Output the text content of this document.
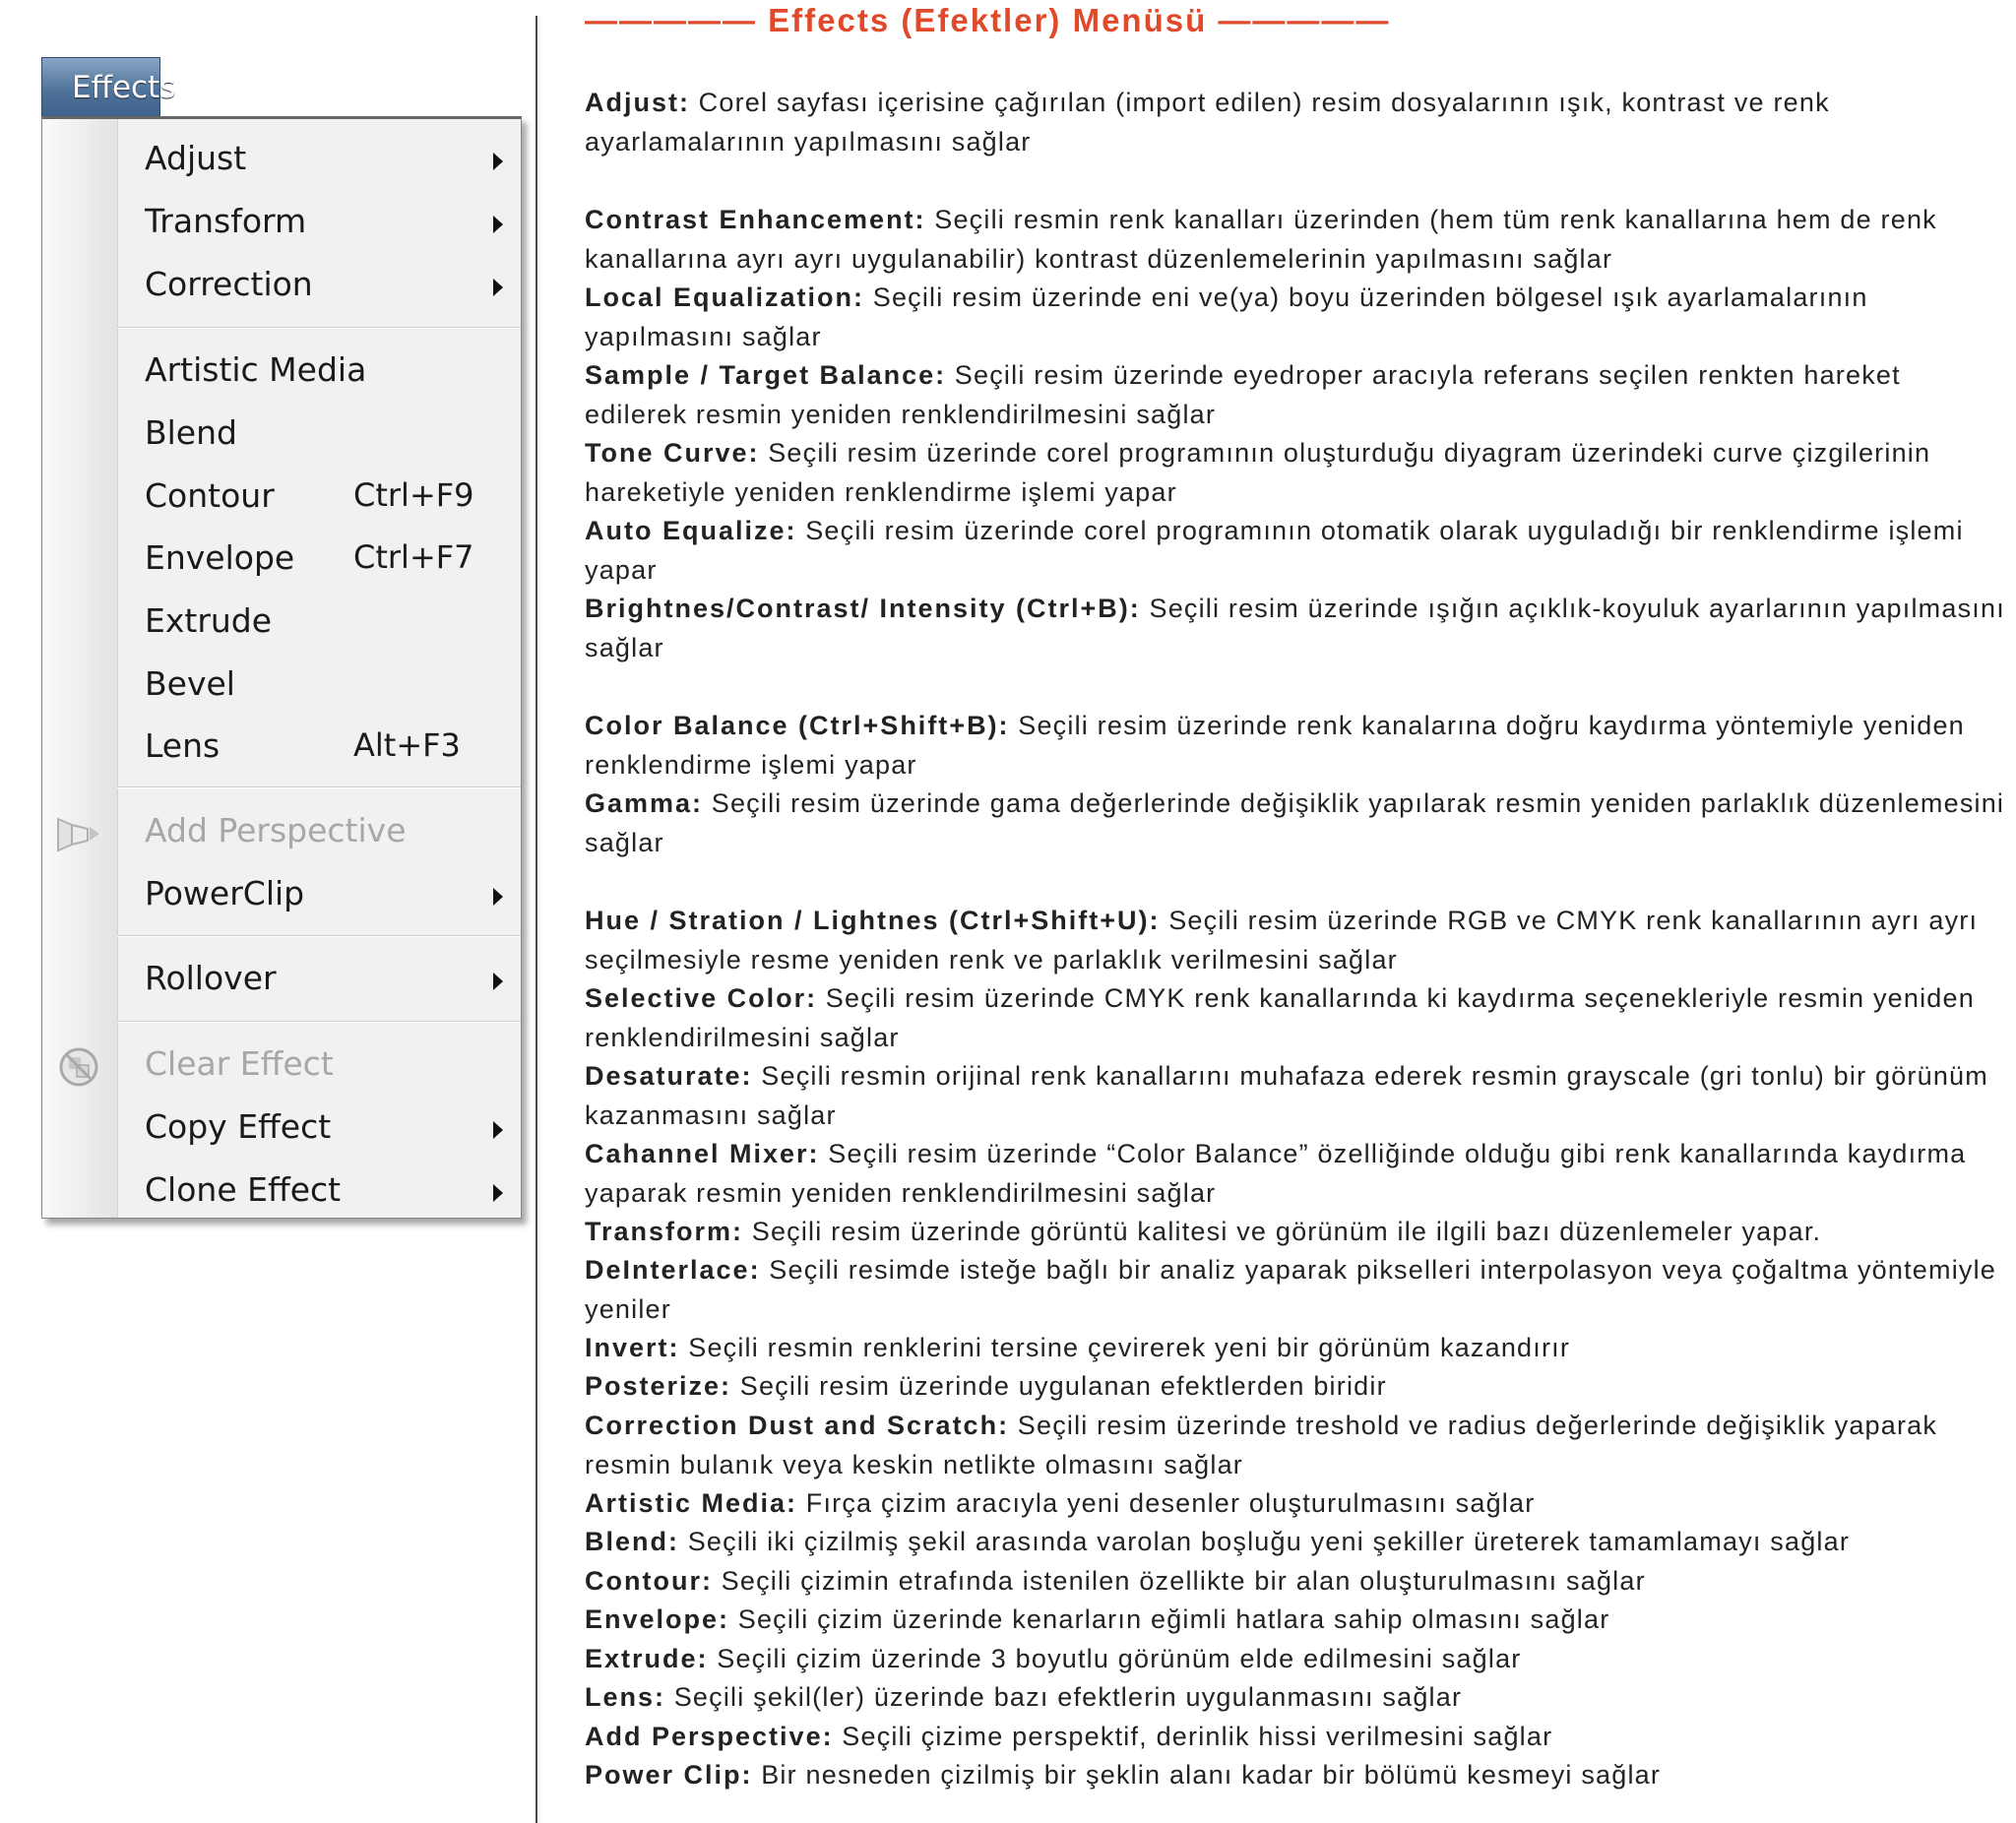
Effects
Adjust
Transform
Correction
Artistic Media
Blend
Contour	Ctrl+F9
Envelope Ctrl+F7
Extrude
Bevel
Lens	Alt+F3
Add Perspective
PowerClip
Rollover
Clear Effect
Copy Effect
Clone Effect
————— Effects (Efektler) Menüsü —————

Adjust: Corel sayfası içerisine çağırılan (import edilen) resim dosyalarının ışık, kontrast ve renk ayarlamalarının yapılmasını sağlar

Contrast Enhancement: Seçili resmin renk kanalları üzerinden (hem tüm renk kanallarına hem de renk kanallarına ayrı ayrı uygulanabilir) kontrast düzenlemelerinin yapılmasını sağlar

Local Equalization: Seçili resim üzerinde eni ve(ya) boyu üzerinden bölgesel ışık ayarlamalarının yapılmasını sağlar

Sample / Target Balance: Seçili resim üzerinde eyedroper aracıyla referans seçilen renkten hareket edilerek resmin yeniden renklendirilmesini sağlar

Tone Curve: Seçili resim üzerinde corel programının oluşturduğu diyagram üzerindeki curve çizgilerinin hareketiyle yeniden renklendirme işlemi yapar

Auto Equalize: Seçili resim üzerinde corel programının otomatik olarak uyguladığı bir renklendirme işlemi yapar

Brightnes/Contrast/ Intensity (Ctrl+B): Seçili resim üzerinde ışığın açıklık-koyuluk ayarlarının yapılmasını sağlar

Color Balance (Ctrl+Shift+B): Seçili resim üzerinde renk kanalarına doğru kaydırma yöntemiyle yeniden renklendirme işlemi yapar

Gamma: Seçili resim üzerinde gama değerlerinde değişiklik yapılarak resmin yeniden parlaklık düzenlemesini sağlar

Hue / Stration / Lightnes (Ctrl+Shift+U): Seçili resim üzerinde RGB ve CMYK renk kanallarının ayrı ayrı seçilmesiyle resme yeniden renk ve parlaklık verilmesini sağlar

Selective Color: Seçili resim üzerinde CMYK renk kanallarında ki kaydırma seçenekleriyle resmin yeniden renklendirilmesini sağlar

Desaturate: Seçili resmin orijinal renk kanallarını muhafaza ederek resmin grayscale (gri tonlu) bir görünüm kazanmasını sağlar

Cahannel Mixer: Seçili resim üzerinde “Color Balance” özelliğinde olduğu gibi renk kanallarında kaydırma yaparak resmin yeniden renklendirilmesini sağlar

Transform: Seçili resim üzerinde görüntü kalitesi ve görünüm ile ilgili bazı düzenlemeler yapar.

DeInterlace: Seçili resimde isteğe bağlı bir analiz yaparak pikselleri interpolasyon veya çoğaltma yöntemiyle yeniler

Invert: Seçili resmin renklerini tersine çevirerek yeni bir görünüm kazandırır

Posterize: Seçili resim üzerinde uygulanan efektlerden biridir

Correction Dust and Scratch: Seçili resim üzerinde treshold ve radius değerlerinde değişiklik yaparak resmin bulanık veya keskin netlikte olmasını sağlar

Artistic Media: Fırça çizim aracıyla yeni desenler oluşturulmasını sağlar

Blend: Seçili iki çizilmiş şekil arasında varolan boşluğu yeni şekiller üreterek tamamlamayı sağlar

Contour: Seçili çizimin etrafında istenilen özellikte bir alan oluşturulmasını sağlar

Envelope: Seçili çizim üzerinde kenarların eğimli hatlara sahip olmasını sağlar

Extrude: Seçili çizim üzerinde 3 boyutlu görünüm elde edilmesini sağlar

Lens: Seçili şekil(ler) üzerinde bazı efektlerin uygulanmasını sağlar

Add Perspective: Seçili çizime perspektif, derinlik hissi verilmesini sağlar

Power Clip: Bir nesneden çizilmiş bir şeklin alanı kadar bir bölümü kesmeyi sağlar
